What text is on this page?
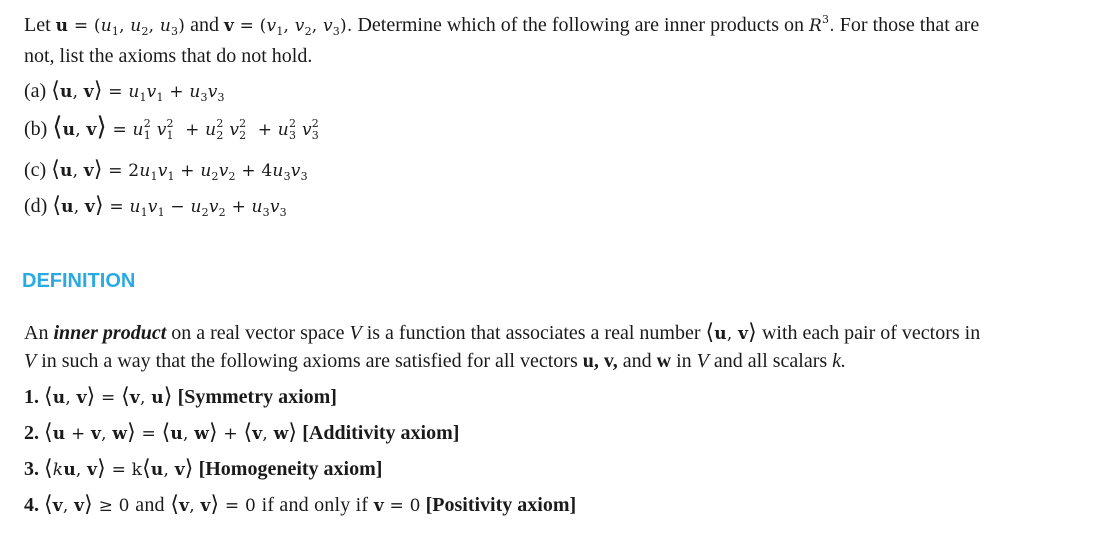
Let $u = (u_1$, $u_2$, $u_3$) and $v = (v_1$, $v_2$, $v_3$). Determine which of the following are inner products on $R^3$. For those that are
not, list the axioms that do not hold.
(a) ⟨u, v⟩ = $u_1v_1 + u_3v_3$
(b) ⟨u, v⟩ = u 2
1 v 2
1 + u 2
2 v 2
2 + u 2
3 v 2
3
(c) ⟨u, v⟩ = $2u_1v_1 + u_2v_2 + 4u_3v_3$
(d) ⟨u, v⟩ = $u_1v_1 - u_2v_2 + u_3v_3$
DEFINITION
An inner product on a real vector space V is a function that associates a real number ⟨u, v⟩ with each pair of vectors in
V in such a way that the following axioms are satisfied for all vectors u, v, and w in V and all scalars k.
1. ⟨u, v⟩ = ⟨v, u⟩ [Symmetry axiom]
2. ⟨u + v, w⟩ = ⟨u, w⟩ + ⟨v, w⟩ [Additivity axiom]
3. ⟨ku, v⟩ = k⟨u, v⟩ [Homogeneity axiom]
4. ⟨v, v⟩ ≥ 0 and ⟨v, v⟩ = 0 if and only if v = 0 [Positivity axiom]
